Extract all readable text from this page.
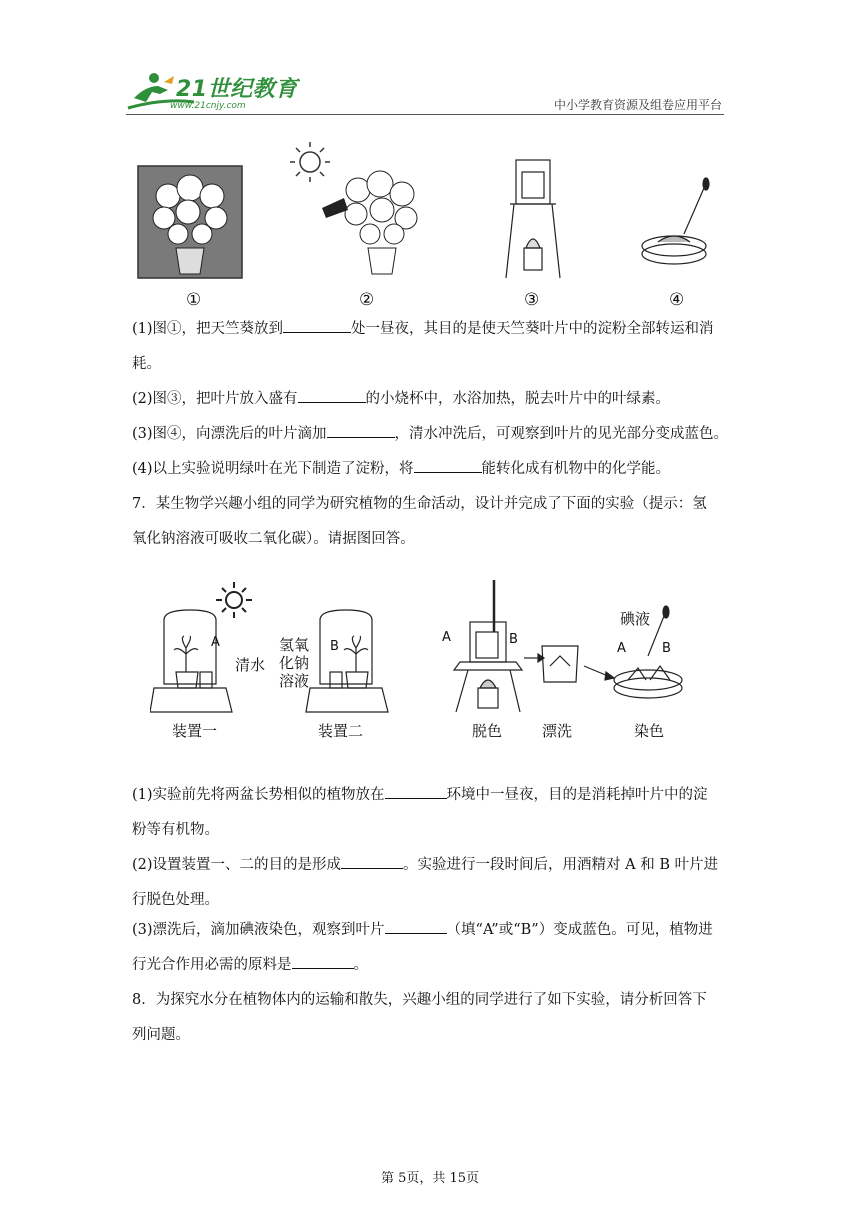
21世纪教育
www.21cnjy.com	中小学教育资源及组卷应用平台
①	②	③	④
(1)图①，把天竺葵放到	处一昼夜，其目的是使天竺葵叶片中的淀粉全部转运和消
耗。
(2)图③，把叶片放入盛有	的小烧杯中，水浴加热，脱去叶片中的叶绿素。
(3)图④，向漂洗后的叶片滴加	，清水冲洗后，可观察到叶片的见光部分变成蓝色。
(4)以上实验说明绿叶在光下制造了淀粉，将	能转化成有机物中的化学能。
7．某生物学兴趣小组的同学为研究植物的生命活动，设计并完成了下面的实验（提示：氢
氧化钠溶液可吸收二氧化碳）。请据图回答。
A
清水
B
氢氧
化钠
溶液
装置一	装置二
A	B
脱色	漂洗
碘液
A	B
染色
(1)实验前先将两盆长势相似的植物放在	环境中一昼夜，目的是消耗掉叶片中的淀
粉等有机物。
(2)设置装置一、二的目的是形成	。实验进行一段时间后，用酒精对 A 和 B 叶片进
行脱色处理。
(3)漂洗后，滴加碘液染色，观察到叶片	（填“A”或“B”）变成蓝色。可见，植物进
行光合作用必需的原料是	。
8．为探究水分在植物体内的运输和散失，兴趣小组的同学进行了如下实验，请分析回答下
列问题。
第 5页，共 15页
